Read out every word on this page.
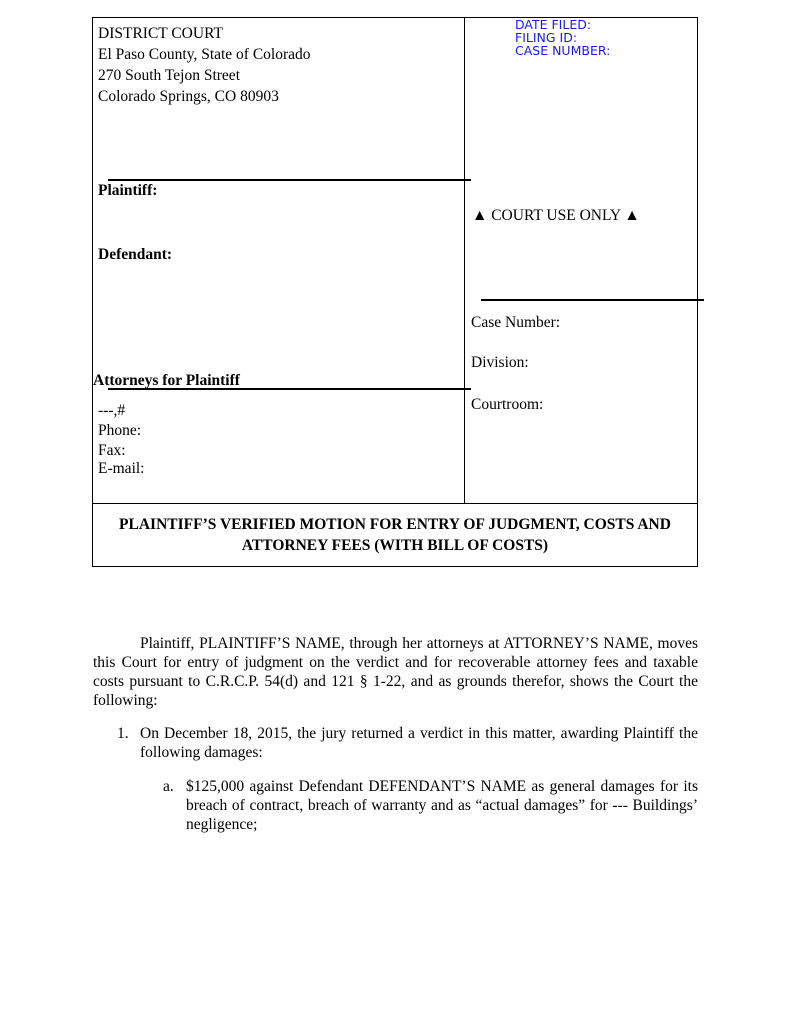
DISTRICT COURT
El Paso County, State of Colorado
270 South Tejon Street
Colorado Springs, CO 80903
DATE FILED:
FILING ID:
CASE NUMBER:
Plaintiff:
Defendant:
▲ COURT USE ONLY ▲
Case Number:
Division:
Courtroom:
Attorneys for Plaintiff
---,#
Phone:
Fax:
E-mail:
PLAINTIFF’S VERIFIED MOTION FOR ENTRY OF JUDGMENT, COSTS AND
ATTORNEY FEES (WITH BILL OF COSTS)
Plaintiff, PLAINTIFF’S NAME, through her attorneys at ATTORNEY’S NAME, moves this Court for entry of judgment on the verdict and for recoverable attorney fees and taxable costs pursuant to C.R.C.P. 54(d) and 121 § 1-22, and as grounds therefor, shows the Court the following:
1. On December 18, 2015, the jury returned a verdict in this matter, awarding Plaintiff the following damages:
a. $125,000 against Defendant DEFENDANT’S NAME as general damages for its breach of contract, breach of warranty and as “actual damages” for --- Buildings’ negligence;
